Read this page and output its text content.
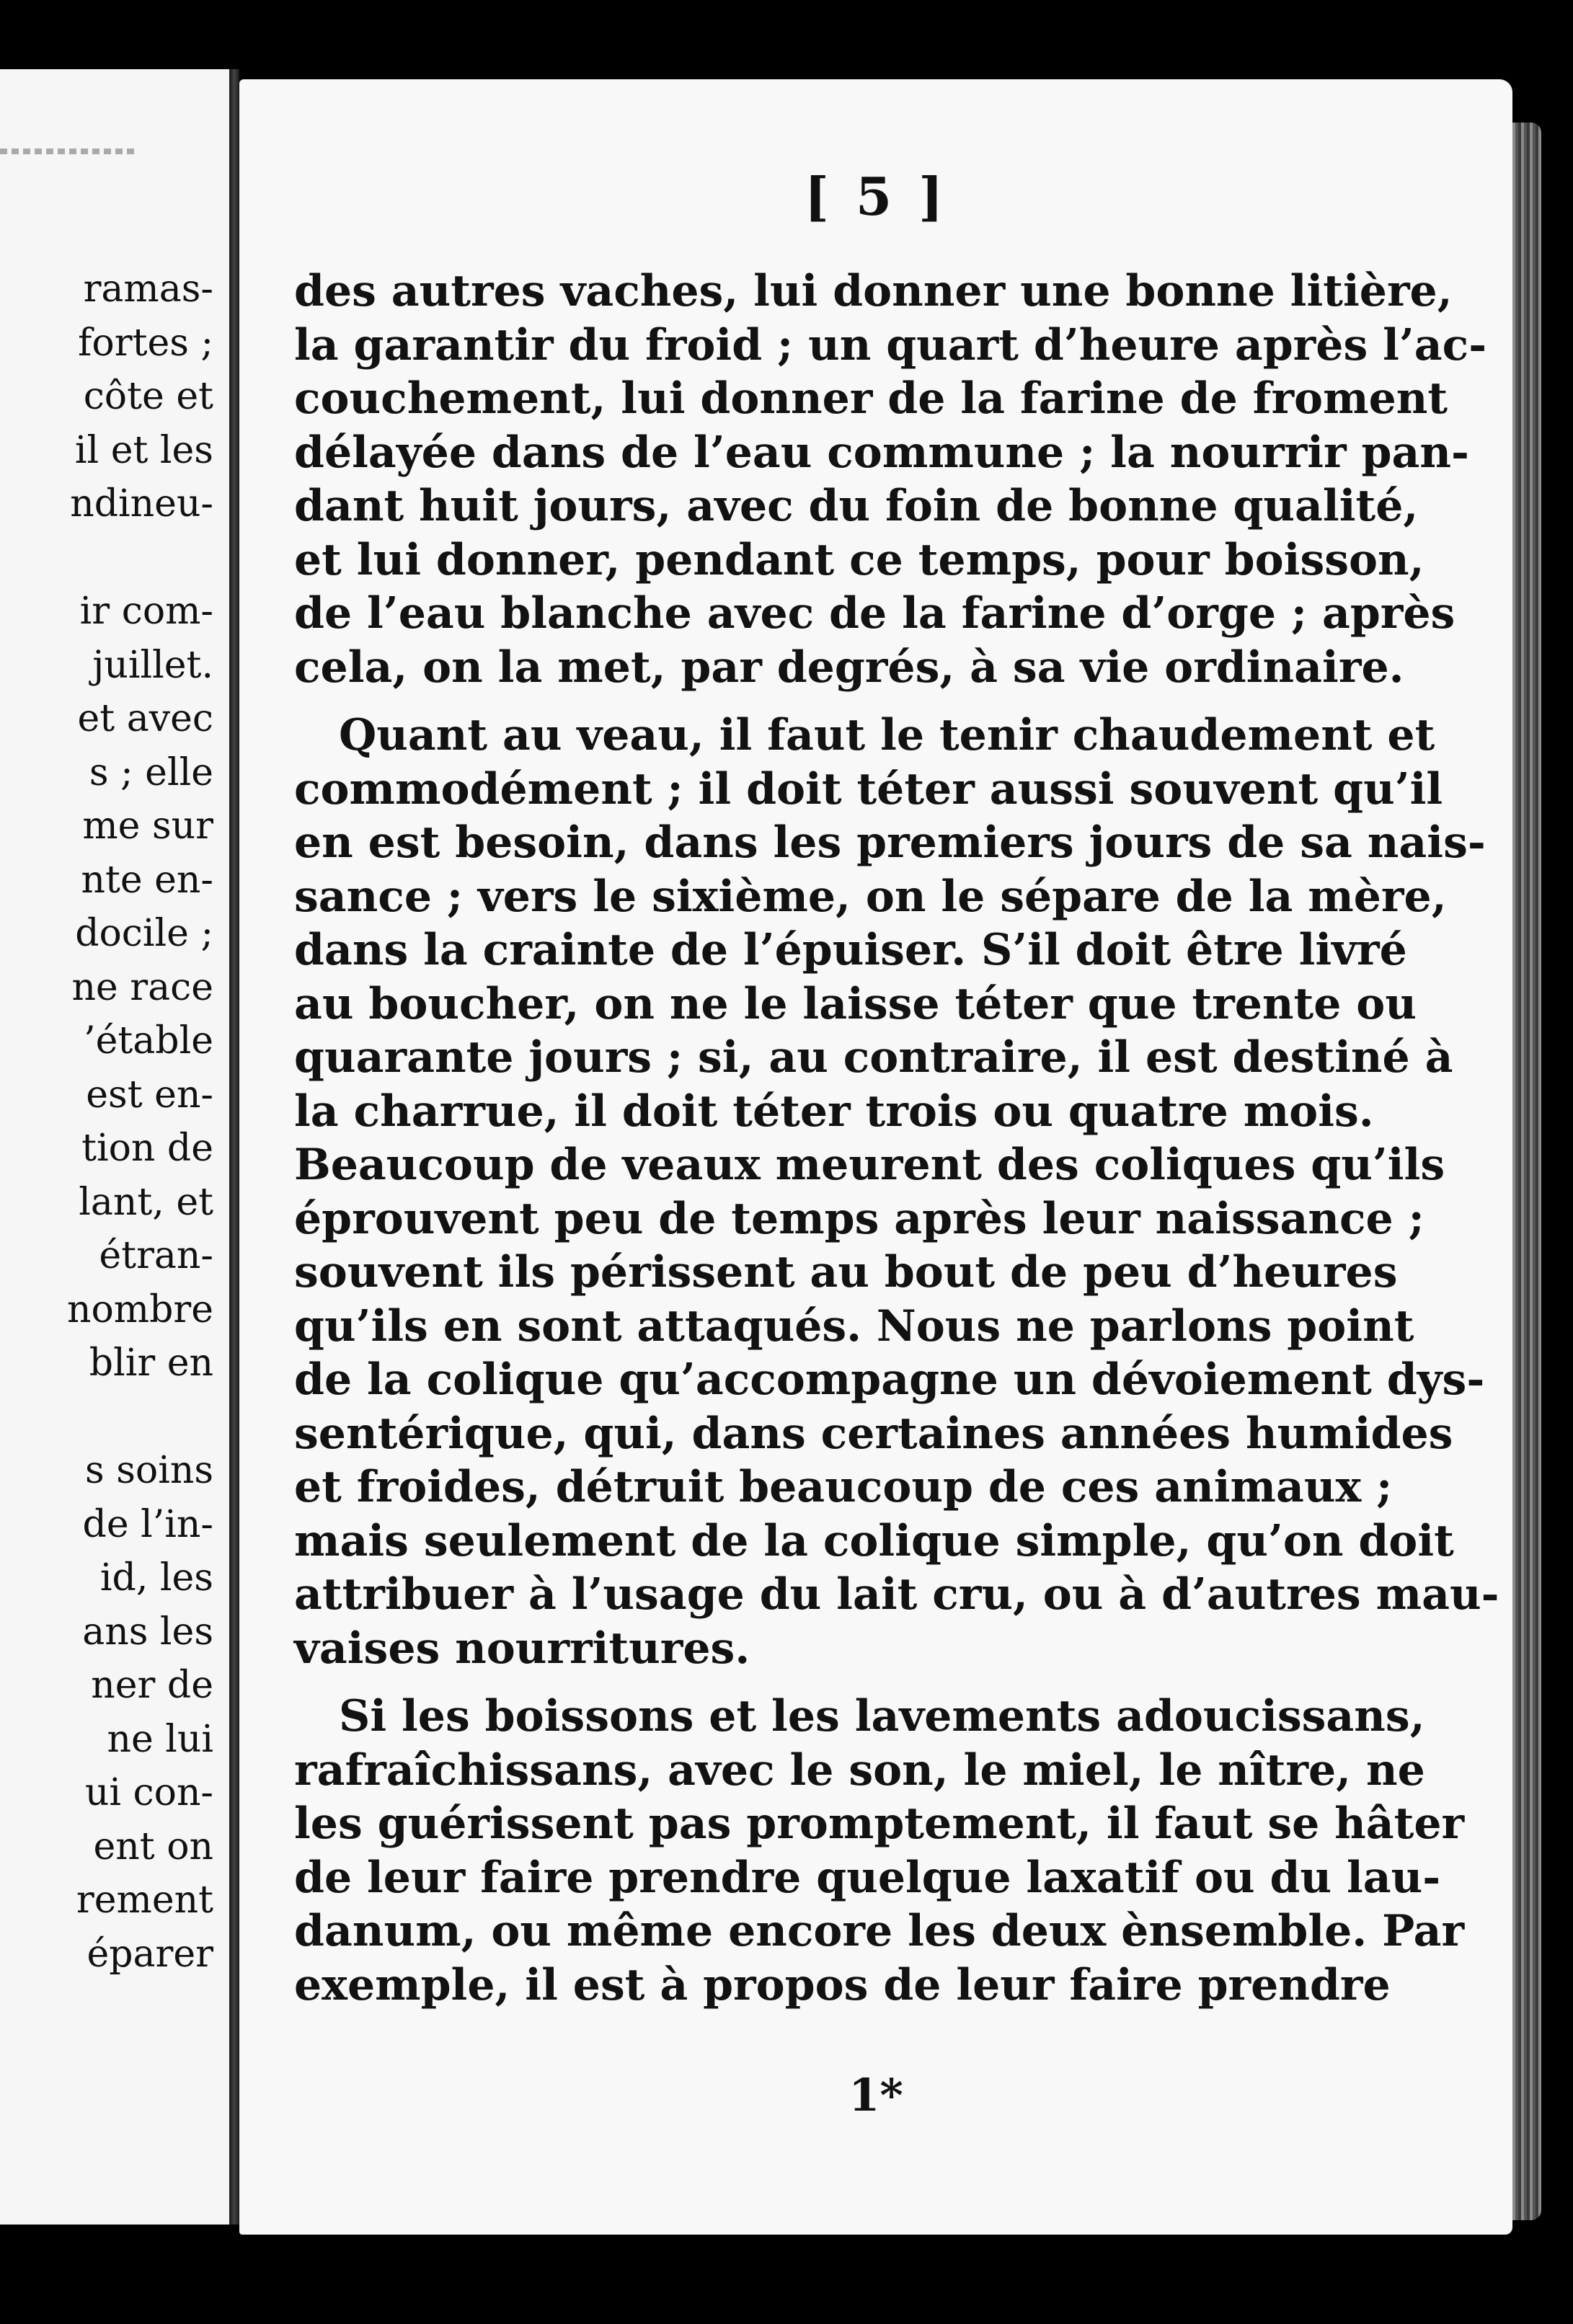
ramas-
fortes ;
côte et
il et les
ndineu-
ir com-
juillet.
et avec
s ; elle
me sur
nte en-
docile ;
ne race
’étable
est en-
tion de
lant, et
étran-
nombre
blir en
s soins
de l’in-
id, les
ans les
ner de
ne lui
ui con-
ent on
rement
éparer
[ 5 ]
des autres vaches, lui donner une bonne litière,
la garantir du froid ; un quart d’heure après l’ac-
couchement, lui donner de la farine de froment
délayée dans de l’eau commune ; la nourrir pan-
dant huit jours, avec du foin de bonne qualité,
et lui donner, pendant ce temps, pour boisson,
de l’eau blanche avec de la farine d’orge ; après
cela, on la met, par degrés, à sa vie ordinaire.
Quant au veau, il faut le tenir chaudement et
commodément ; il doit téter aussi souvent qu’il
en est besoin, dans les premiers jours de sa nais-
sance ; vers le sixième, on le sépare de la mère,
dans la crainte de l’épuiser. S’il doit être livré
au boucher, on ne le laisse téter que trente ou
quarante jours ; si, au contraire, il est destiné à
la charrue, il doit téter trois ou quatre mois.
Beaucoup de veaux meurent des coliques qu’ils
éprouvent peu de temps après leur naissance ;
souvent ils périssent au bout de peu d’heures
qu’ils en sont attaqués. Nous ne parlons point
de la colique qu’accompagne un dévoiement dys-
sentérique, qui, dans certaines années humides
et froides, détruit beaucoup de ces animaux ;
mais seulement de la colique simple, qu’on doit
attribuer à l’usage du lait cru, ou à d’autres mau-
vaises nourritures.
Si les boissons et les lavements adoucissans,
rafraîchissans, avec le son, le miel, le nître, ne
les guérissent pas promptement, il faut se hâter
de leur faire prendre quelque laxatif ou du lau-
danum, ou même encore les deux ènsemble. Par
exemple, il est à propos de leur faire prendre
1*
